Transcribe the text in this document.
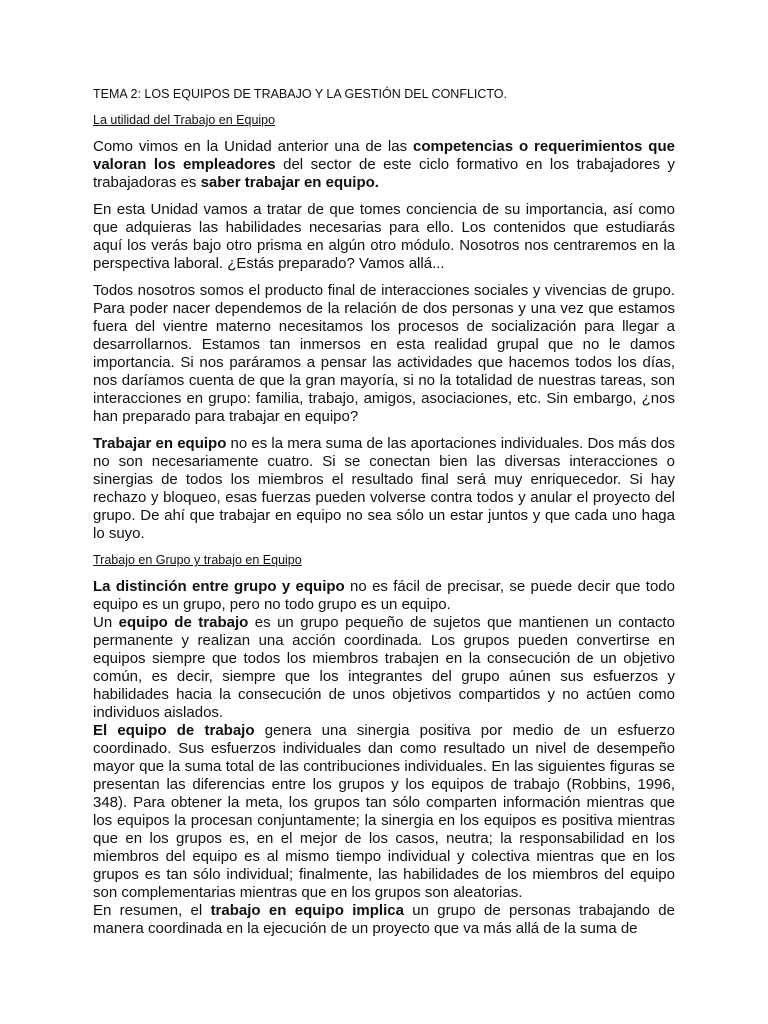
TEMA 2: LOS EQUIPOS DE TRABAJO Y LA GESTIÓN DEL CONFLICTO.
La utilidad del Trabajo en Equipo

Como vimos en la Unidad anterior una de las competencias o requerimientos que valoran los empleadores del sector de este ciclo formativo en los trabajadores y trabajadoras es saber trabajar en equipo.

En esta Unidad vamos a tratar de que tomes conciencia de su importancia, así como que adquieras las habilidades necesarias para ello. Los contenidos que estudiarás aquí los verás bajo otro prisma en algún otro módulo. Nosotros nos centraremos en la perspectiva laboral. ¿Estás preparado? Vamos allá...

Todos nosotros somos el producto final de interacciones sociales y vivencias de grupo. Para poder nacer dependemos de la relación de dos personas y una vez que estamos fuera del vientre materno necesitamos los procesos de socialización para llegar a desarrollarnos. Estamos tan inmersos en esta realidad grupal que no le damos importancia. Si nos paráramos a pensar las actividades que hacemos todos los días, nos daríamos cuenta de que la gran mayoría, si no la totalidad de nuestras tareas, son interacciones en grupo: familia, trabajo, amigos, asociaciones, etc. Sin embargo, ¿nos han preparado para trabajar en equipo?

Trabajar en equipo no es la mera suma de las aportaciones individuales. Dos más dos no son necesariamente cuatro. Si se conectan bien las diversas interacciones o sinergias de todos los miembros el resultado final será muy enriquecedor. Si hay rechazo y bloqueo, esas fuerzas pueden volverse contra todos y anular el proyecto del grupo. De ahí que trabajar en equipo no sea sólo un estar juntos y que cada uno haga lo suyo.

Trabajo en Grupo y trabajo en Equipo

La distinción entre grupo y equipo no es fácil de precisar, se puede decir que todo equipo es un grupo, pero no todo grupo es un equipo.

Un equipo de trabajo es un grupo pequeño de sujetos que mantienen un contacto permanente y realizan una acción coordinada. Los grupos pueden convertirse en equipos siempre que todos los miembros trabajen en la consecución de un objetivo común, es decir, siempre que los integrantes del grupo aúnen sus esfuerzos y habilidades hacia la consecución de unos objetivos compartidos y no actúen como individuos aislados.

El equipo de trabajo genera una sinergia positiva por medio de un esfuerzo coordinado. Sus esfuerzos individuales dan como resultado un nivel de desempeño mayor que la suma total de las contribuciones individuales. En las siguientes figuras se presentan las diferencias entre los grupos y los equipos de trabajo (Robbins, 1996, 348). Para obtener la meta, los grupos tan sólo comparten información mientras que los equipos la procesan conjuntamente; la sinergia en los equipos es positiva mientras que en los grupos es, en el mejor de los casos, neutra; la responsabilidad en los miembros del equipo es al mismo tiempo individual y colectiva mientras que en los grupos es tan sólo individual; finalmente, las habilidades de los miembros del equipo son complementarias mientras que en los grupos son aleatorias.

En resumen, el trabajo en equipo implica un grupo de personas trabajando de manera coordinada en la ejecución de un proyecto que va más allá de la suma de
